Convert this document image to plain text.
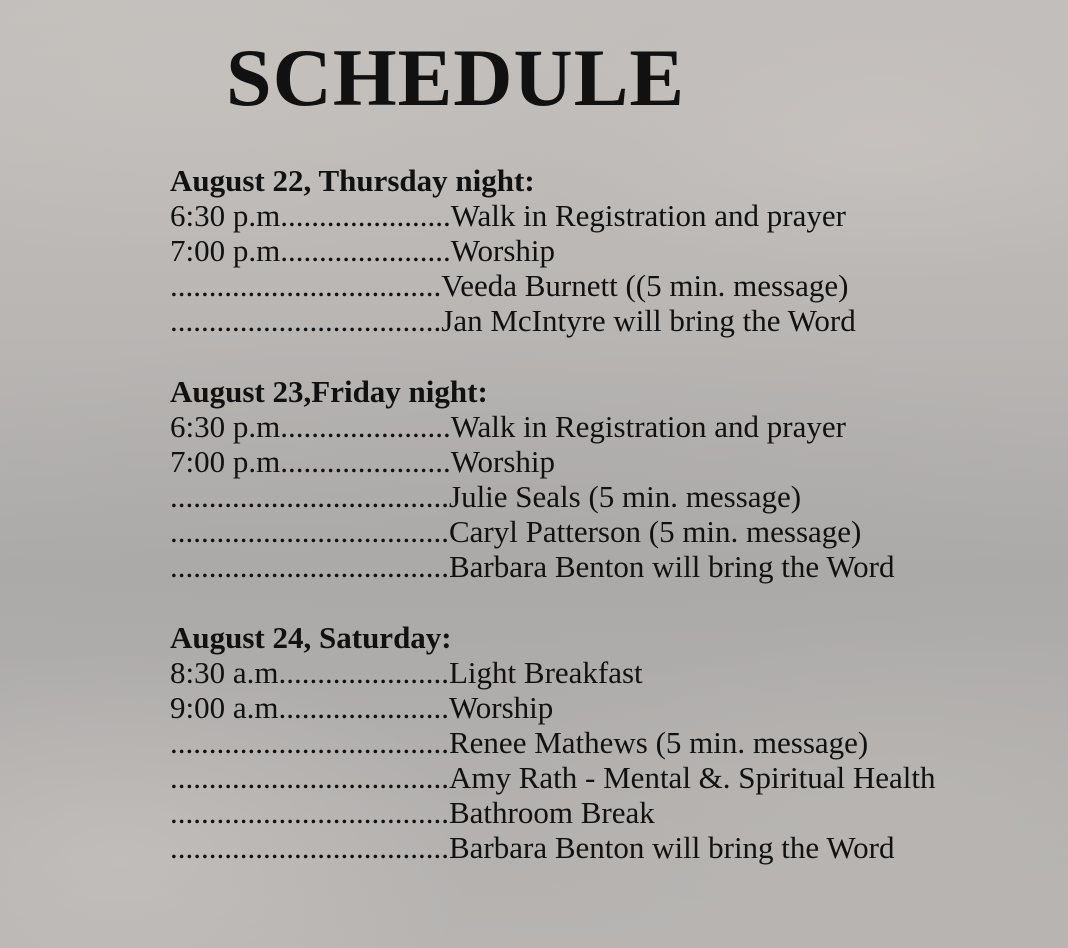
SCHEDULE
August 22, Thursday night:
6:30 p.m......................Walk in Registration and prayer
7:00 p.m......................Worship
...................................Veeda Burnett ((5 min. message)
...................................Jan McIntyre will bring the Word
August 23,Friday night:
6:30 p.m......................Walk in Registration and prayer
7:00 p.m......................Worship
....................................Julie Seals (5 min. message)
....................................Caryl Patterson (5 min. message)
....................................Barbara Benton will bring the Word
August 24, Saturday:
8:30 a.m......................Light Breakfast
9:00 a.m......................Worship
....................................Renee Mathews (5 min. message)
....................................Amy Rath - Mental &. Spiritual Health
....................................Bathroom Break
....................................Barbara Benton will bring the Word
